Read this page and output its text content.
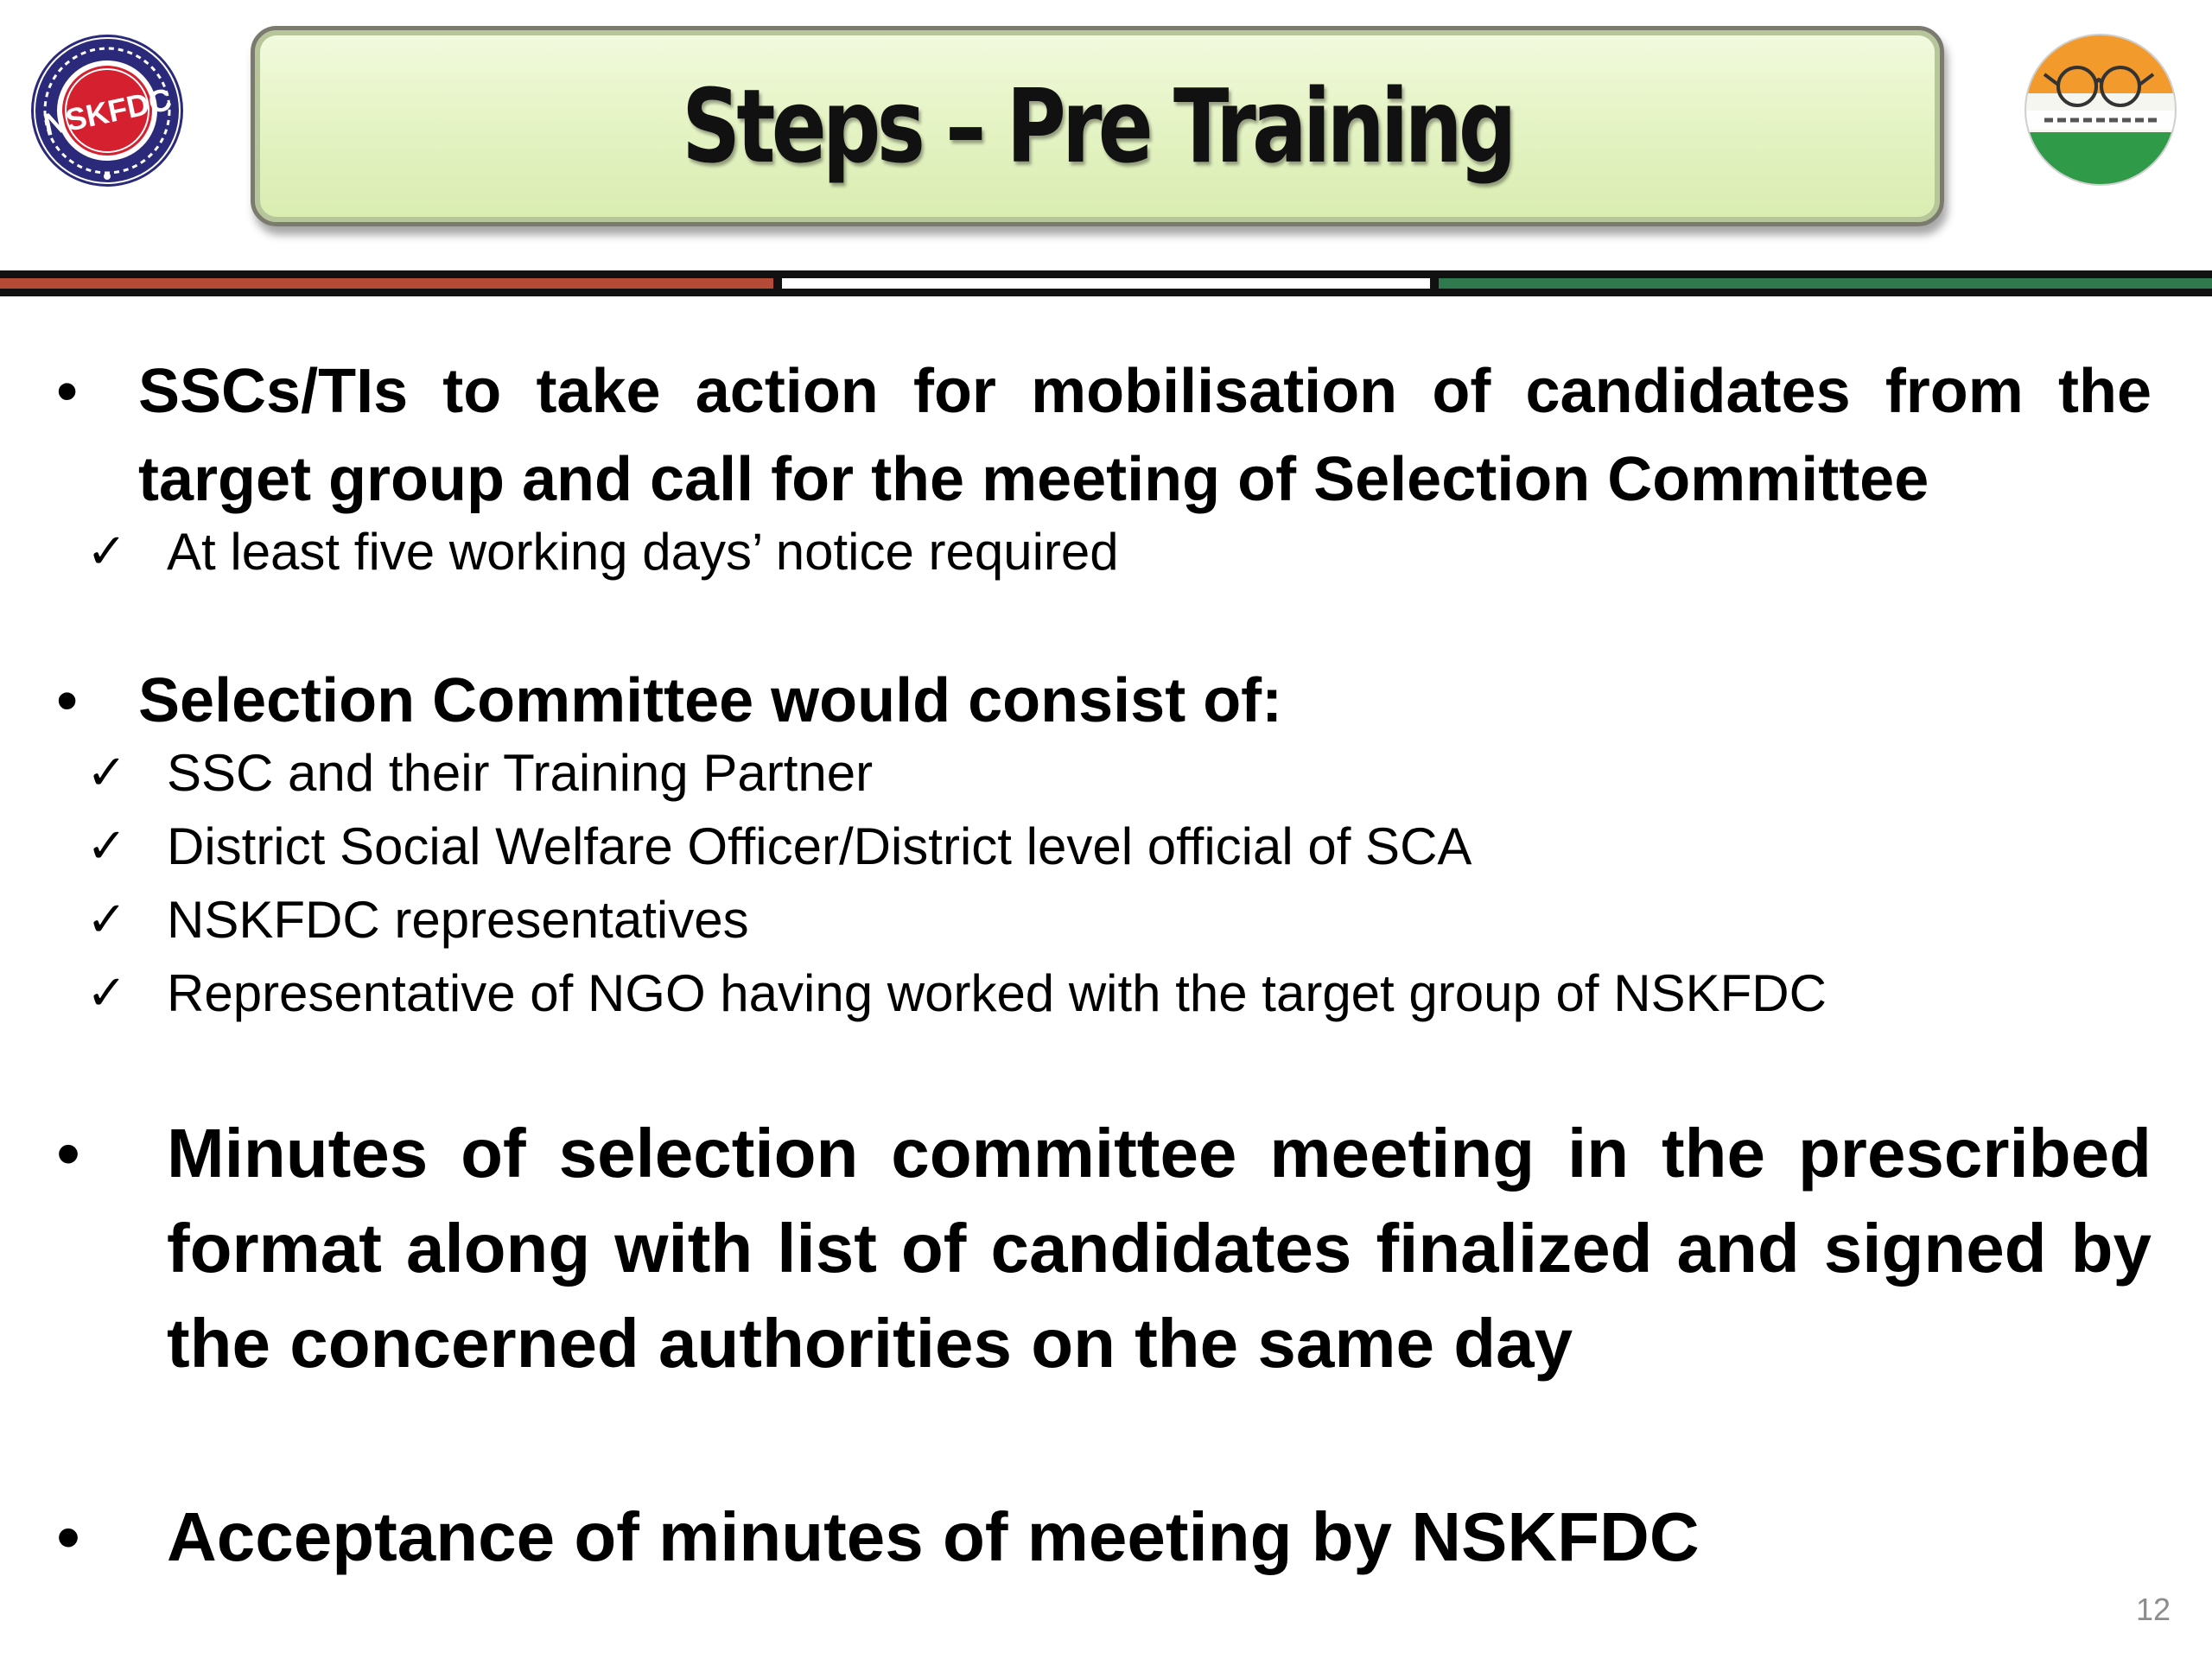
NSKFDC	Steps – Pre Training
• SSCs/TIs to take action for mobilisation of candidates from the target group and call for the meeting of Selection Committee
✓ At least five working days’ notice required
• Selection Committee would consist of:
✓ SSC and their Training Partner
✓ District Social Welfare Officer/District level official of SCA
✓ NSKFDC representatives
✓ Representative of NGO having worked with the target group of NSKFDC
• Minutes of selection committee meeting in the prescribed format along with list of candidates finalized and signed by the concerned authorities on the same day
• Acceptance of minutes of meeting by NSKFDC
12
